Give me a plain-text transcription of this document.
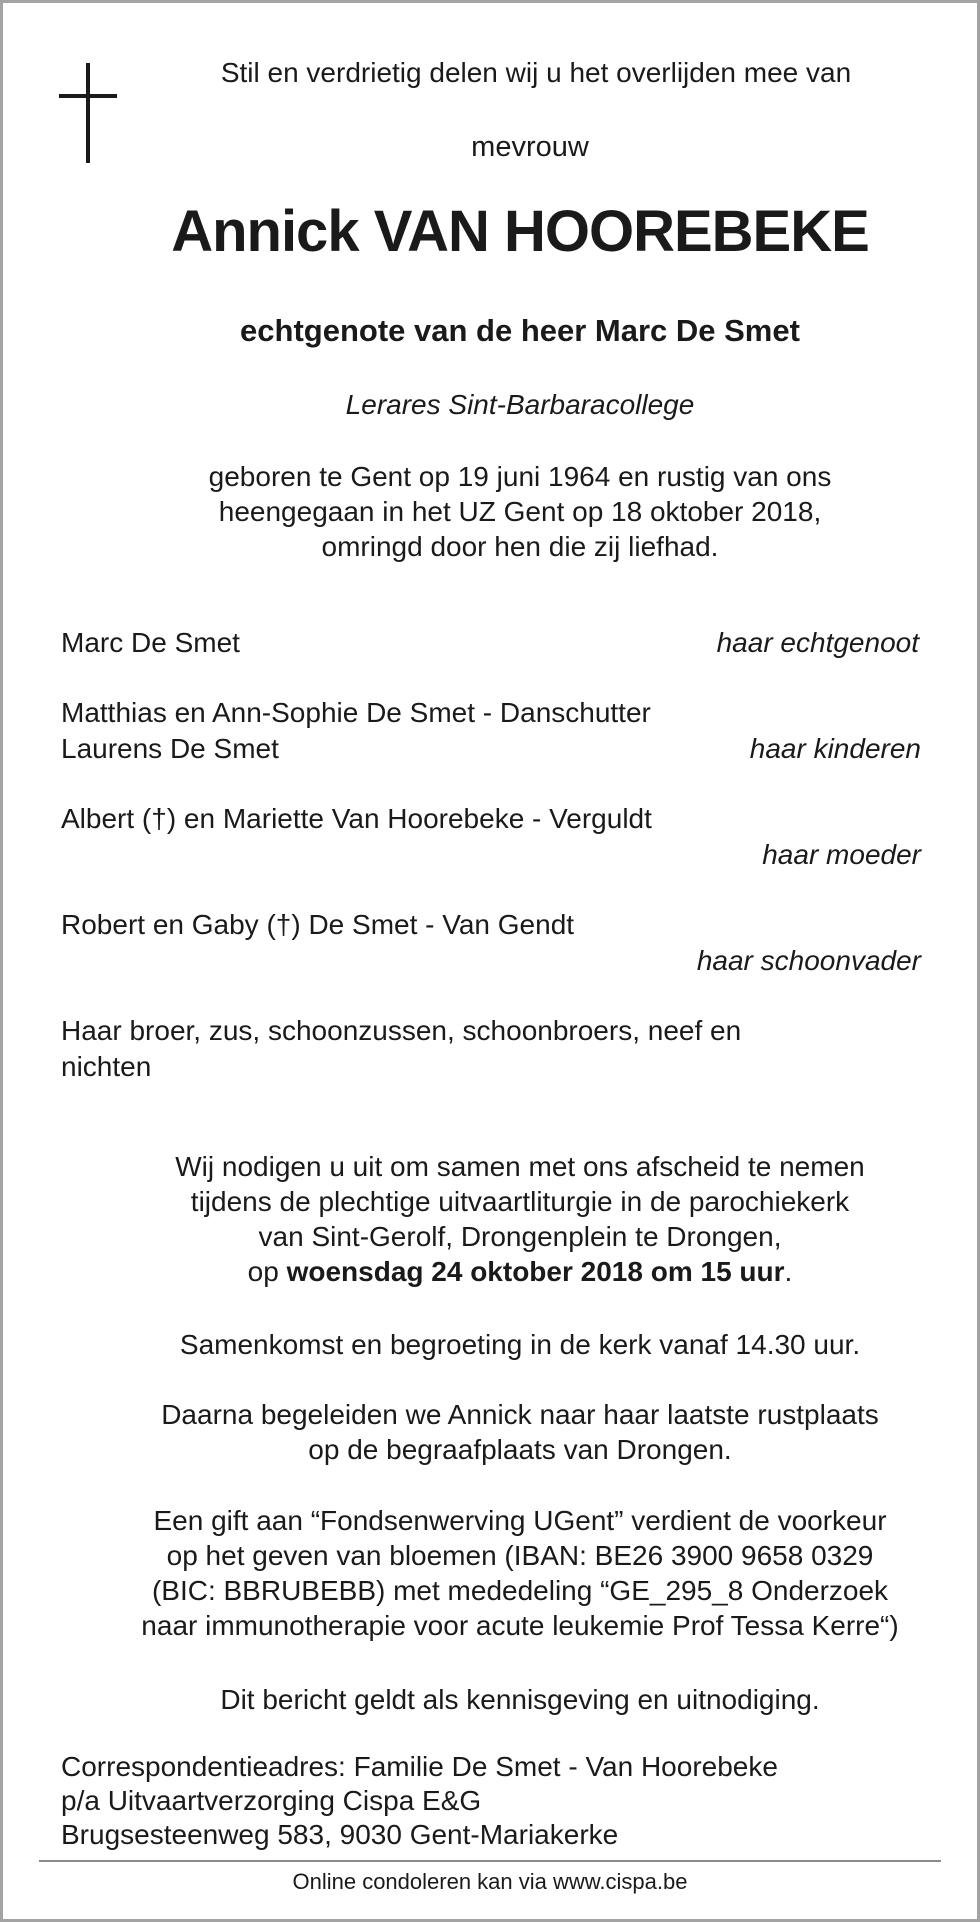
Stil en verdrietig delen wij u het overlijden mee van
mevrouw
Annick VAN HOOREBEKE
echtgenote van de heer Marc De Smet
Lerares Sint-Barbaracollege
geboren te Gent op 19 juni 1964 en rustig van ons
heengegaan in het UZ Gent op 18 oktober 2018,
omringd door hen die zij liefhad.
Marc De Smet	haar echtgenoot
Matthias en Ann-Sophie De Smet - Danschutter
Laurens De Smet	haar kinderen
Albert (†) en Mariette Van Hoorebeke - Verguldt
haar moeder
Robert en Gaby (†) De Smet - Van Gendt
haar schoonvader
Haar broer, zus, schoonzussen, schoonbroers, neef en
nichten
Wij nodigen u uit om samen met ons afscheid te nemen
tijdens de plechtige uitvaartliturgie in de parochiekerk
van Sint-Gerolf, Drongenplein te Drongen,
op woensdag 24 oktober 2018 om 15 uur.
Samenkomst en begroeting in de kerk vanaf 14.30 uur.
Daarna begeleiden we Annick naar haar laatste rustplaats
op de begraafplaats van Drongen.
Een gift aan “Fondsenwerving UGent” verdient de voorkeur
op het geven van bloemen (IBAN: BE26 3900 9658 0329
(BIC: BBRUBEBB) met mededeling “GE_295_8 Onderzoek
naar immunotherapie voor acute leukemie Prof Tessa Kerre“)
Dit bericht geldt als kennisgeving en uitnodiging.
Correspondentieadres: Familie De Smet - Van Hoorebeke
p/a Uitvaartverzorging Cispa E&G
Brugsesteenweg 583, 9030 Gent-Mariakerke
Online condoleren kan via www.cispa.be
